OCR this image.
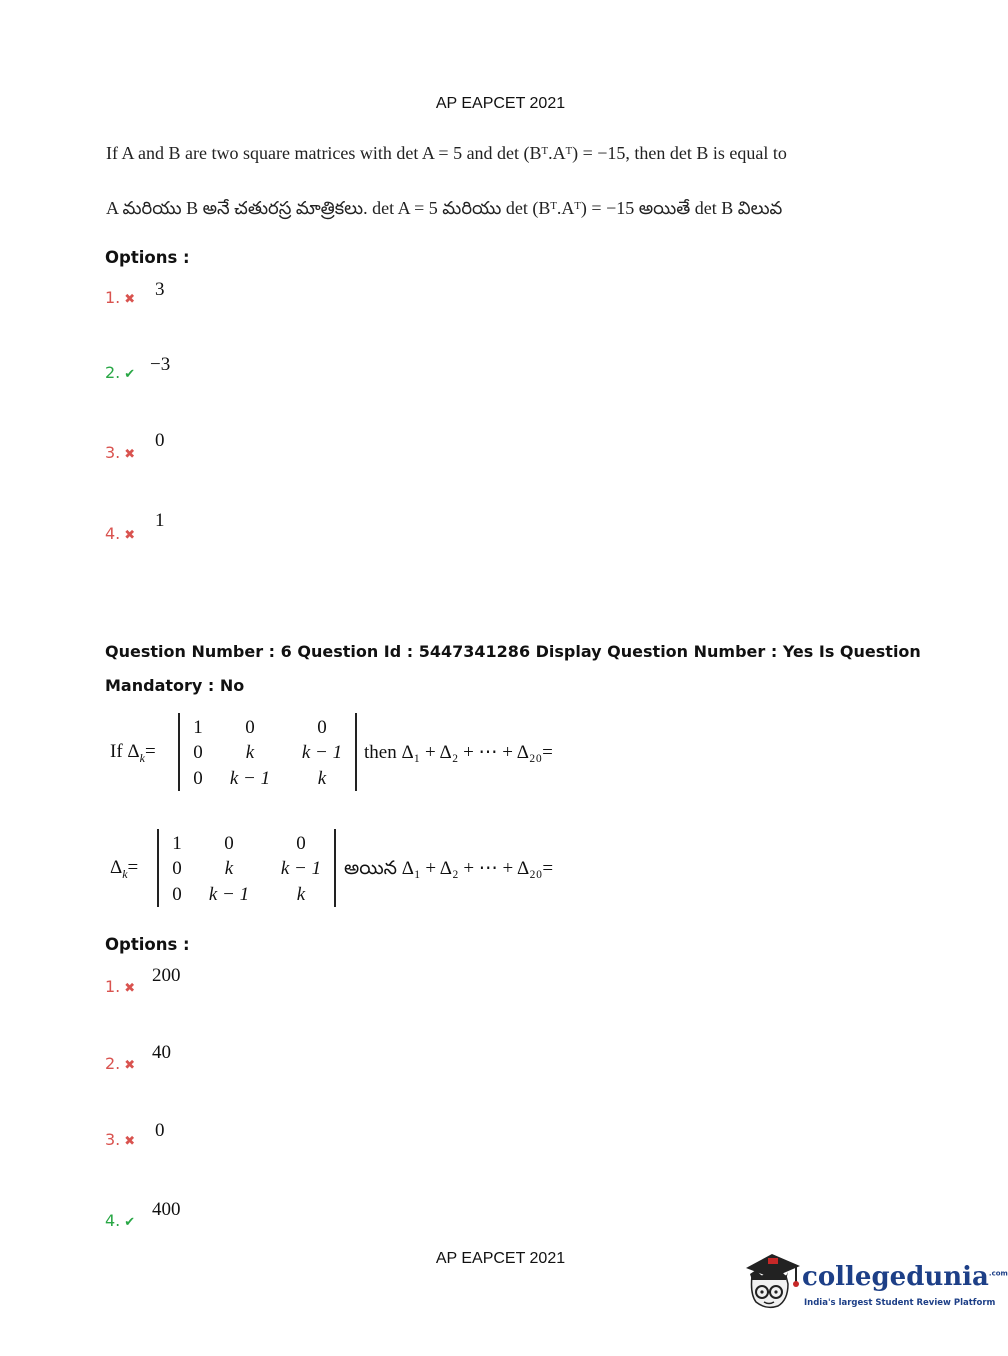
AP EAPCET 2021
If A and B are two square matrices with det A = 5 and det (Bᵀ.Aᵀ) = −15, then det B is equal to
A మరియు B అనే చతురస్ర మాత్రికలు. det A = 5 మరియు det (Bᵀ.Aᵀ) = −15 అయితే det B విలువ
Options :
1. ✖ 3
2. ✔ −3
3. ✖
0
4. ✖
1
Question Number : 6 Question Id : 5447341286 Display Question Number : Yes Is Question
Mandatory : No
If $\Delta_k=$
1	0	0
0	k	k − 1
0	k − 1	k
then Δ₁ + Δ₂ + ⋯ + Δ₂₀=
$\Delta_k=$
1	0	0
0	k	k − 1
0	k − 1	k
అయిన Δ₁ + Δ₂ + ⋯ + Δ₂₀=
Options :
1. ✖
200
2. ✖
40
3. ✖ 0
4. ✔
400
AP EAPCET 2021
collegedunia$^{.com}$
India's largest Student Review Platform
